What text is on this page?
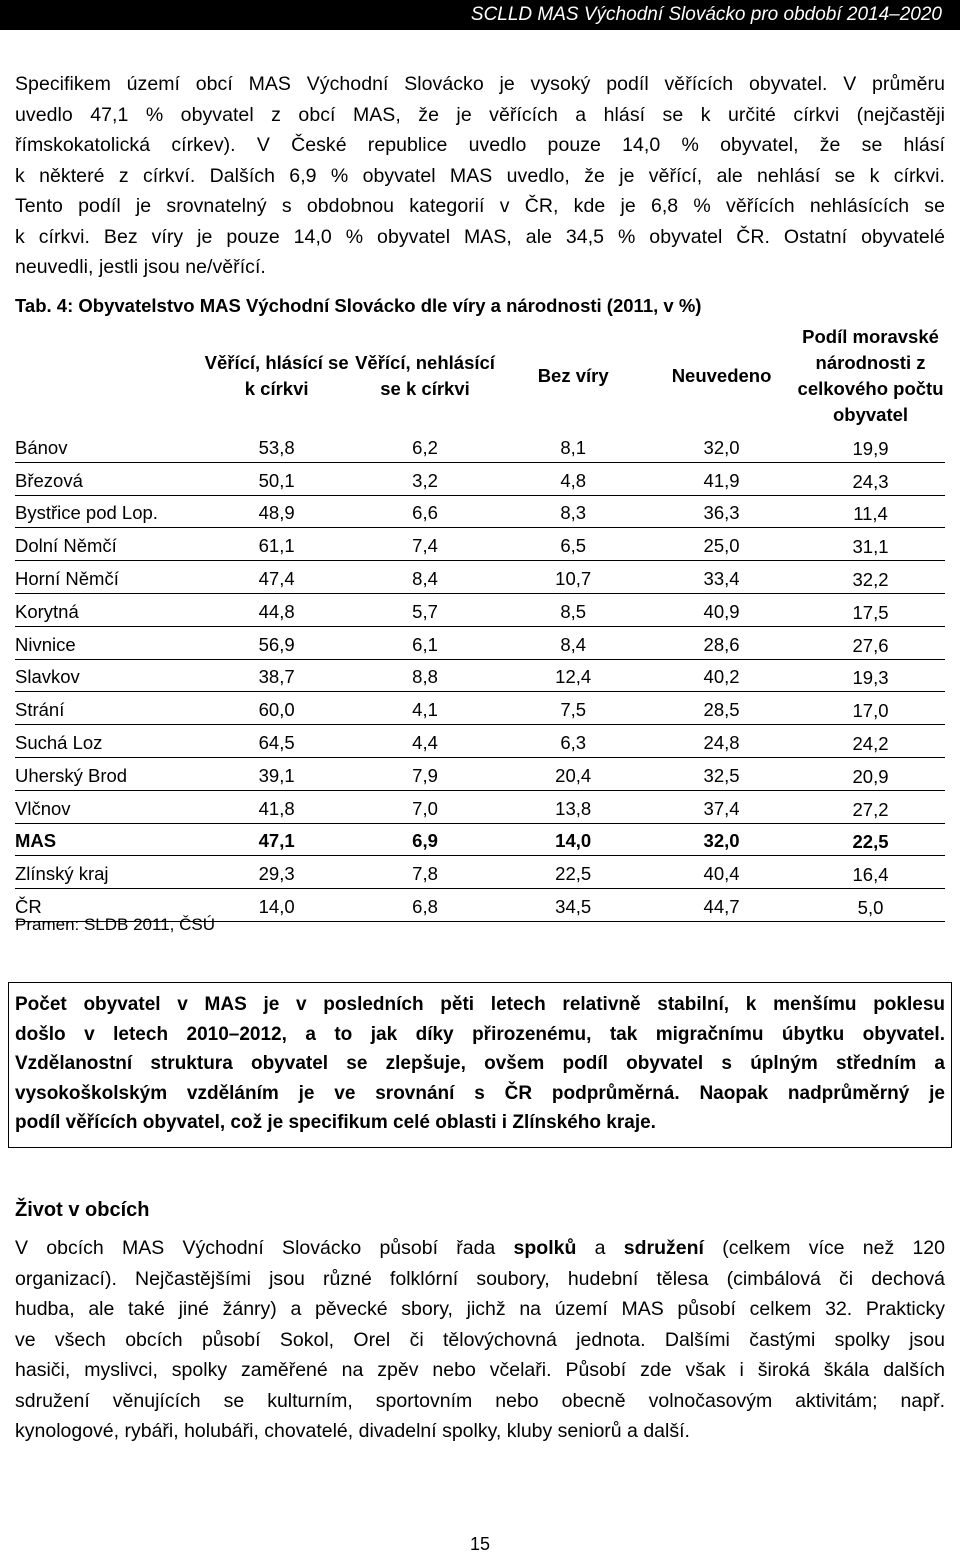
SCLLD MAS Východní Slovácko pro období 2014–2020

Specifikem území obcí MAS Východní Slovácko je vysoký podíl věřících obyvatel. V průměru
uvedlo 47,1 % obyvatel z obcí MAS, že je věřících a hlásí se k určité církvi (nejčastěji
římskokatolická církev). V České republice uvedlo pouze 14,0 % obyvatel, že se hlásí
k některé z církví. Dalších 6,9 % obyvatel MAS uvedlo, že je věřící, ale nehlásí se k církvi.
Tento podíl je srovnatelný s obdobnou kategorií v ČR, kde je 6,8 % věřících nehlásících se
k církvi. Bez víry je pouze 14,0 % obyvatel MAS, ale 34,5 % obyvatel ČR. Ostatní obyvatelé
neuvedli, jestli jsou ne/věřící.

Tab. 4: Obyvatelstvo MAS Východní Slovácko dle víry a národnosti (2011, v %)
	Věřící, hlásící se k církvi	Věřící, nehlásící se k církvi	Bez víry	Neuvedeno	Podíl moravské národnosti z celkového počtu obyvatel
Bánov	53,8	6,2	8,1	32,0	19,9
Březová	50,1	3,2	4,8	41,9	24,3
Bystřice pod Lop.	48,9	6,6	8,3	36,3	11,4
Dolní Němčí	61,1	7,4	6,5	25,0	31,1
Horní Němčí	47,4	8,4	10,7	33,4	32,2
Korytná	44,8	5,7	8,5	40,9	17,5
Nivnice	56,9	6,1	8,4	28,6	27,6
Slavkov	38,7	8,8	12,4	40,2	19,3
Strání	60,0	4,1	7,5	28,5	17,0
Suchá Loz	64,5	4,4	6,3	24,8	24,2
Uherský Brod	39,1	7,9	20,4	32,5	20,9
Vlčnov	41,8	7,0	13,8	37,4	27,2
MAS	47,1	6,9	14,0	32,0	22,5
Zlínský kraj	29,3	7,8	22,5	40,4	16,4
ČR	14,0	6,8	34,5	44,7	5,0
Pramen: SLDB 2011, ČSÚ

Počet obyvatel v MAS je v posledních pěti letech relativně stabilní, k menšímu poklesu
došlo v letech 2010–2012, a to jak díky přirozenému, tak migračnímu úbytku obyvatel.
Vzdělanostní struktura obyvatel se zlepšuje, ovšem podíl obyvatel s úplným středním a
vysokoškolským vzděláním je ve srovnání s ČR podprůměrná. Naopak nadprůměrný je
podíl věřících obyvatel, což je specifikum celé oblasti i Zlínského kraje.

Život v obcích

V obcích MAS Východní Slovácko působí řada spolků a sdružení (celkem více než 120
organizací). Nejčastějšími jsou různé folklórní soubory, hudební tělesa (cimbálová či dechová
hudba, ale také jiné žánry) a pěvecké sbory, jichž na území MAS působí celkem 32. Prakticky
ve všech obcích působí Sokol, Orel či tělovýchovná jednota. Dalšími častými spolky jsou
hasiči, myslivci, spolky zaměřené na zpěv nebo včelaři. Působí zde však i široká škála dalších
sdružení věnujících se kulturním, sportovním nebo obecně volnočasovým aktivitám; např.
kynologové, rybáři, holubáři, chovatelé, divadelní spolky, kluby seniorů a další.

15
